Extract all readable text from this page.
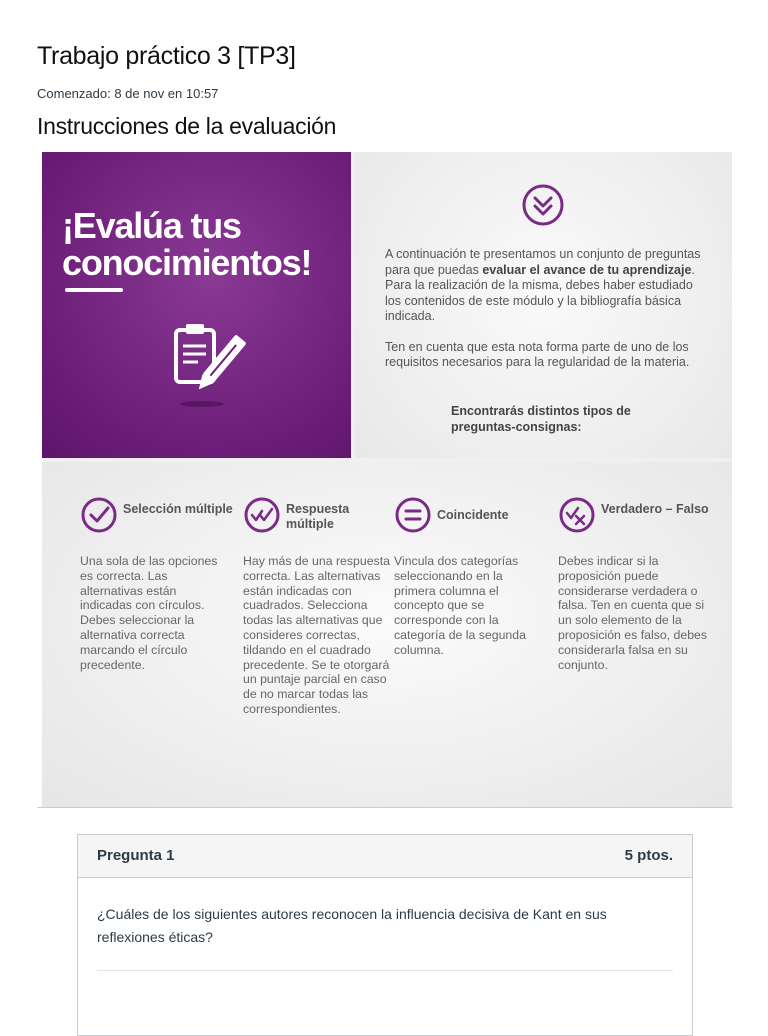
Trabajo práctico 3 [TP3]
Comenzado: 8 de nov en 10:57
Instrucciones de la evaluación
¡Evalúa tus
conocimientos!	A continuación te presentamos un conjunto de preguntas para que puedas evaluar el avance de tu aprendizaje. Para la realización de la misma, debes haber estudiado los contenidos de este módulo y la bibliografía básica indicada.

Ten en cuenta que esta nota forma parte de uno de los requisitos necesarios para la regularidad de la materia.

Encontrarás distintos tipos de preguntas-consignas:
Selección múltiple
Una sola de las opciones es correcta. Las alternativas están indicadas con círculos. Debes seleccionar la alternativa correcta marcando el círculo precedente.
Respuesta múltiple
Hay más de una respuesta correcta. Las alternativas están indicadas con cuadrados. Selecciona todas las alternativas que consideres correctas, tildando en el cuadrado precedente. Se te otorgará un puntaje parcial en caso de no marcar todas las correspondientes.
Coincidente
Vincula dos categorías seleccionando en la primera columna el concepto que se corresponde con la categoría de la segunda columna.
Verdadero – Falso
Debes indicar si la proposición puede considerarse verdadera o falsa. Ten en cuenta que si un solo elemento de la proposición es falso, debes considerarla falsa en su conjunto.
Pregunta 1	5 ptos.
¿Cuáles de los siguientes autores reconocen la influencia decisiva de Kant en sus reflexiones éticas?
